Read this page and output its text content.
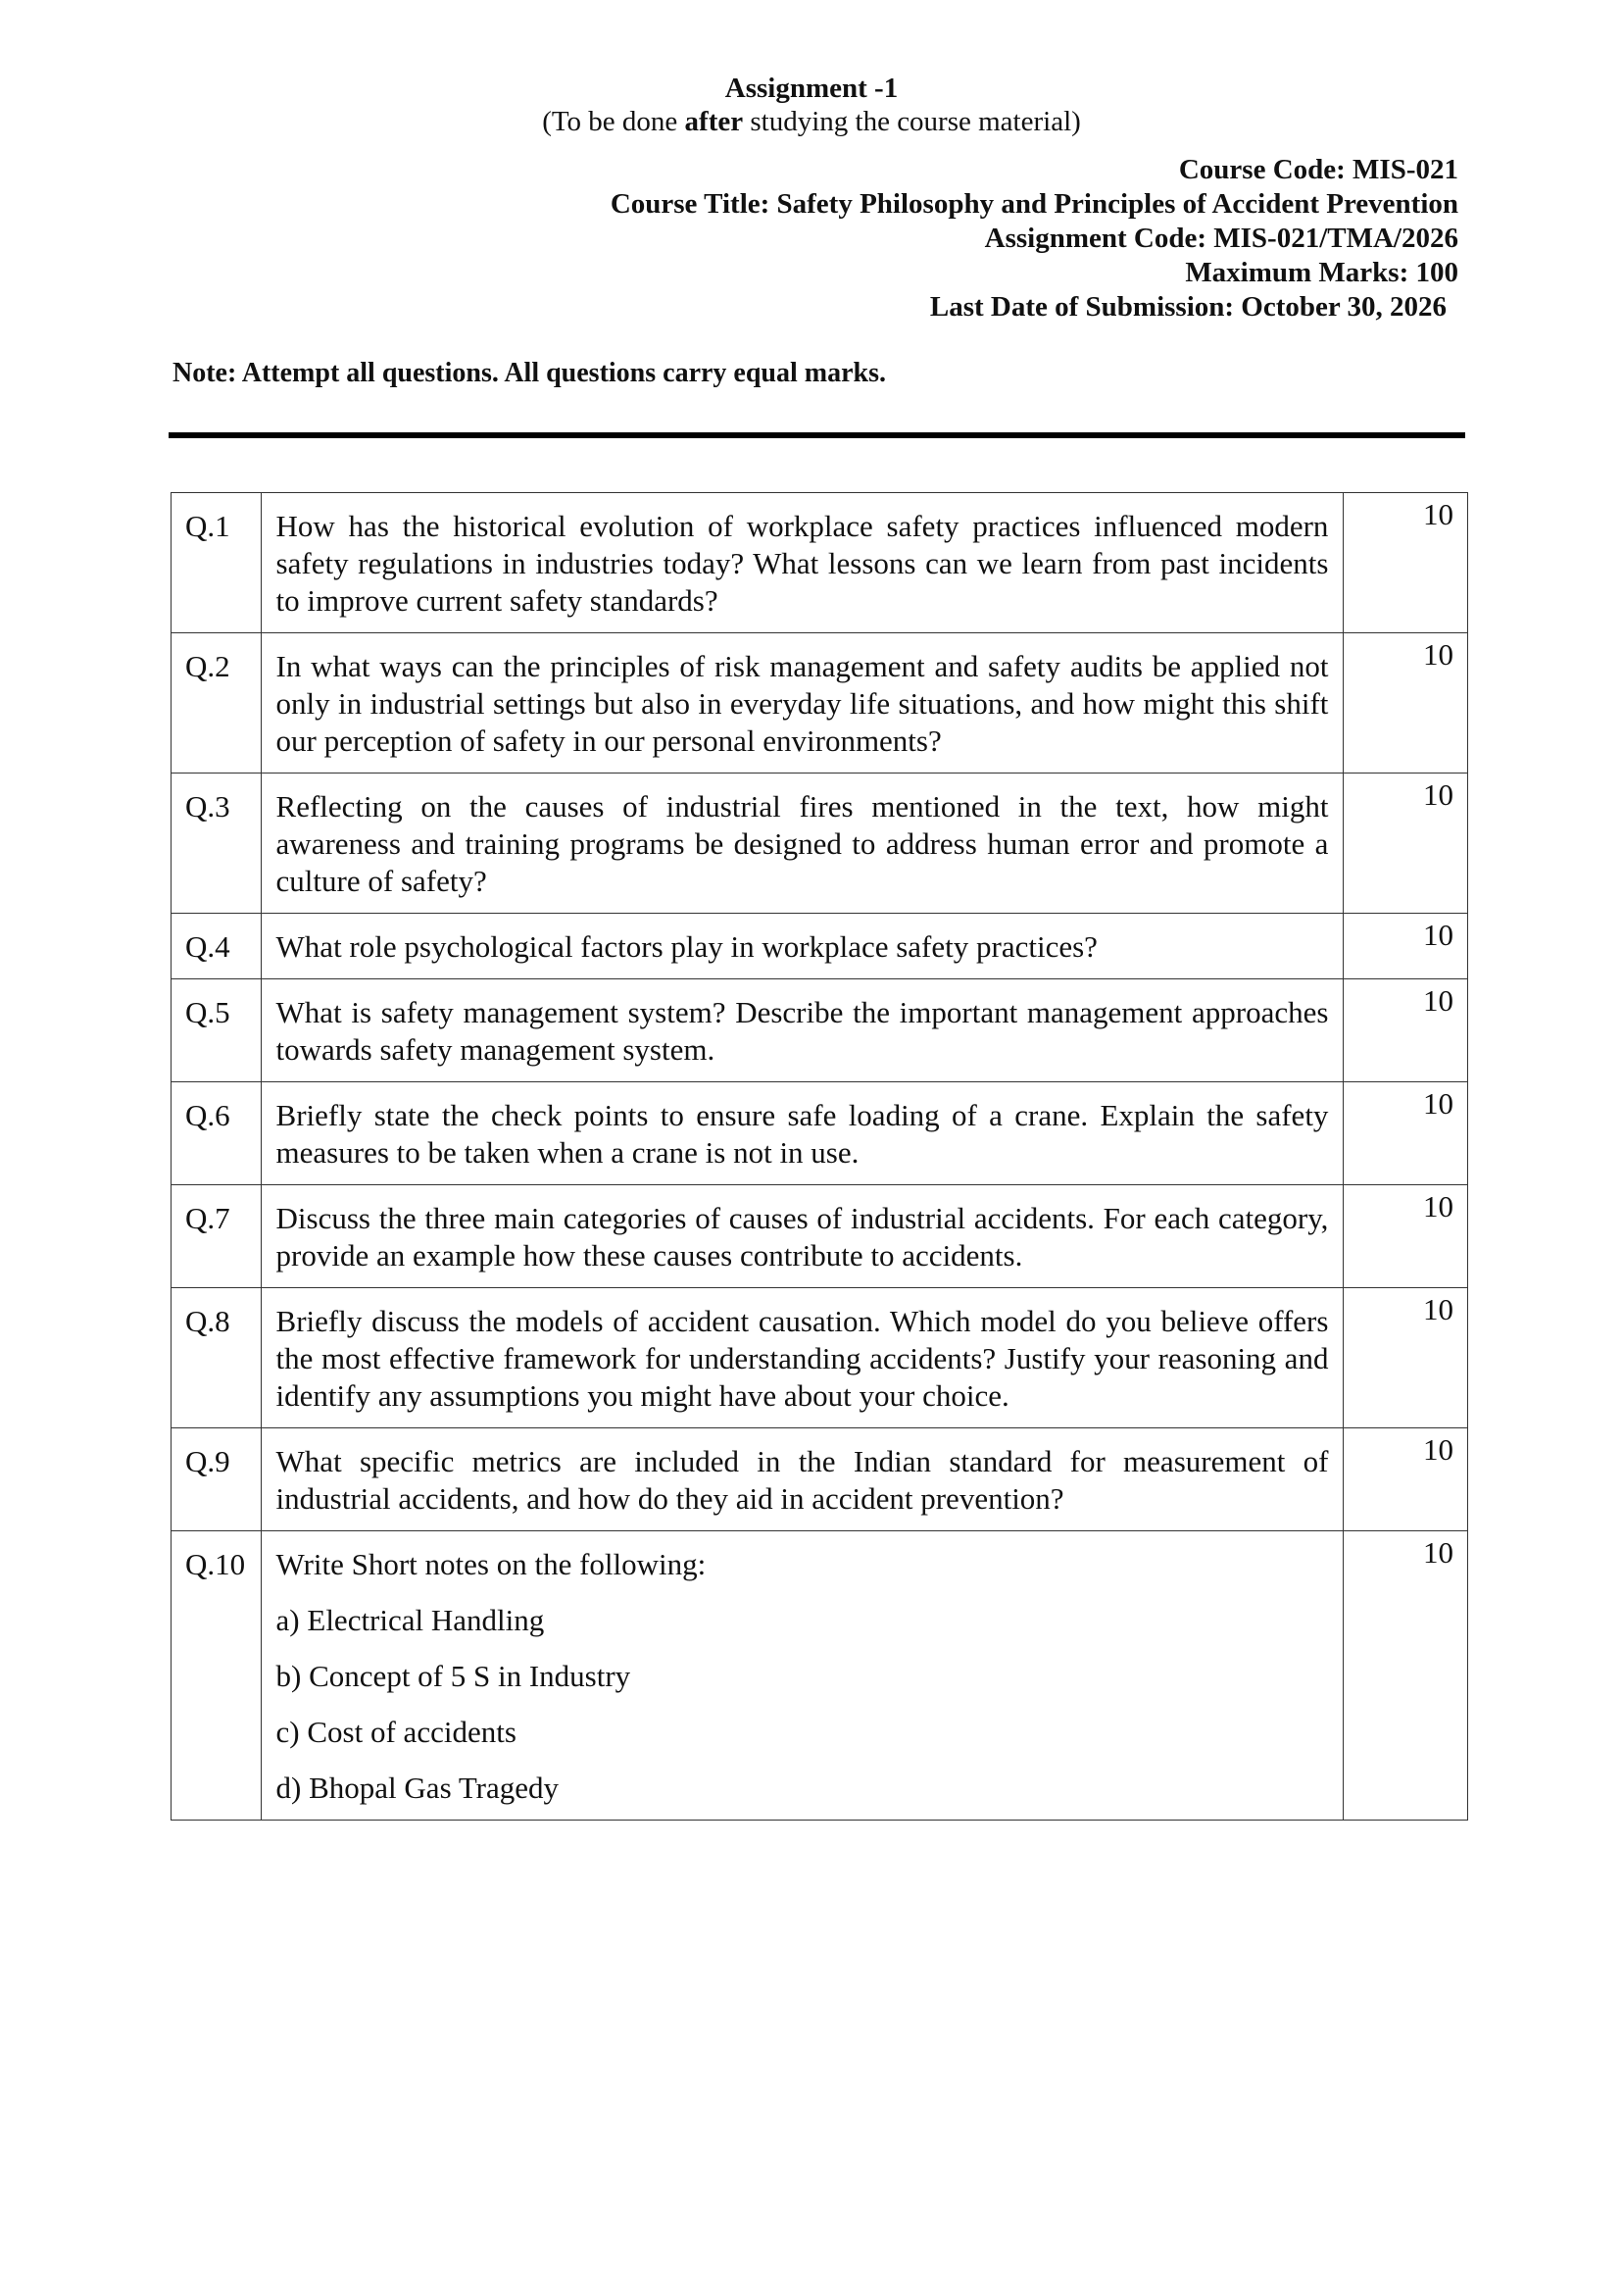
Assignment -1
(To be done after studying the course material)
Course Code: MIS-021
Course Title: Safety Philosophy and Principles of Accident Prevention
Assignment Code: MIS-021/TMA/2026
Maximum Marks: 100
Last Date of Submission: October 30, 2026
Note: Attempt all questions. All questions carry equal marks.
Q.1	How has the historical evolution of workplace safety practices influenced modern safety regulations in industries today? What lessons can we learn from past incidents to improve current safety standards?	10
Q.2	In what ways can the principles of risk management and safety audits be applied not only in industrial settings but also in everyday life situations, and how might this shift our perception of safety in our personal environments?	10
Q.3	Reflecting on the causes of industrial fires mentioned in the text, how might awareness and training programs be designed to address human error and promote a culture of safety?	10
Q.4	What role psychological factors play in workplace safety practices?	10
Q.5	What is safety management system? Describe the important management approaches towards safety management system.	10
Q.6	Briefly state the check points to ensure safe loading of a crane. Explain the safety measures to be taken when a crane is not in use.	10
Q.7	Discuss the three main categories of causes of industrial accidents. For each category, provide an example how these causes contribute to accidents.	10
Q.8	Briefly discuss the models of accident causation. Which model do you believe offers the most effective framework for understanding accidents? Justify your reasoning and identify any assumptions you might have about your choice.	10
Q.9	What specific metrics are included in the Indian standard for measurement of industrial accidents, and how do they aid in accident prevention?	10
Q.10	Write Short notes on the following:
a) Electrical Handling
b) Concept of 5 S in Industry
c) Cost of accidents
d) Bhopal Gas Tragedy	10
